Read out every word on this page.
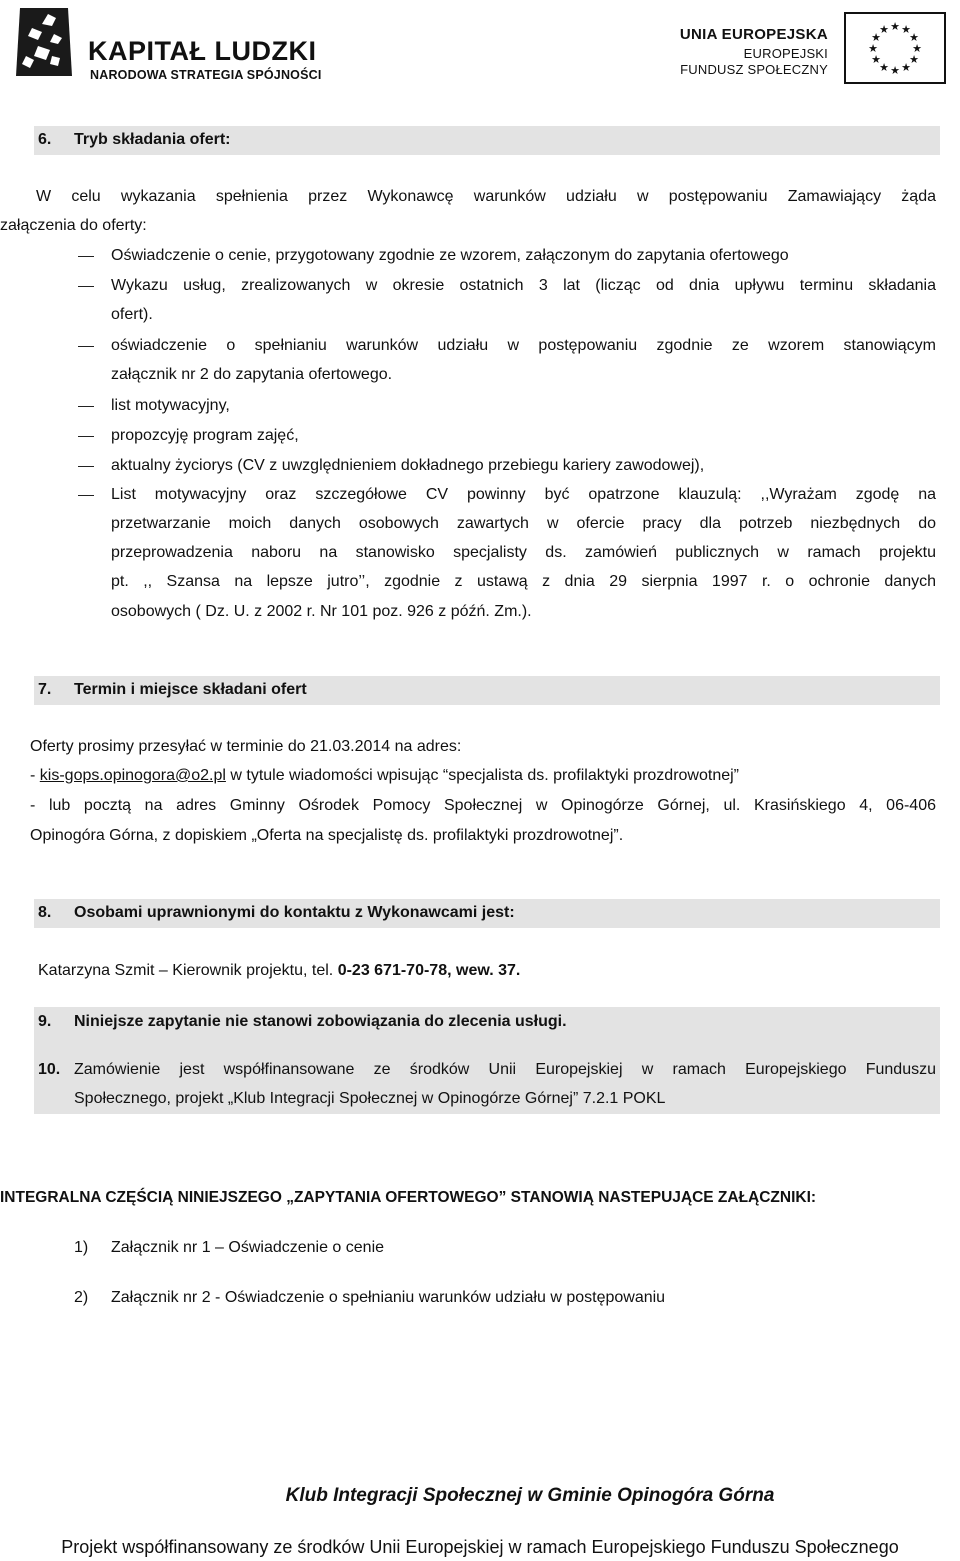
KAPITAŁ LUDZKI
NARODOWA STRATEGIA SPÓJNOŚCI
UNIA EUROPEJSKA
EUROPEJSKI
FUNDUSZ SPOŁECZNY
★ ★
★
★
★
★
★
★
★
★
★
★
6. Tryb składania ofert:
W celu wykazania spełnienia przez Wykonawcę warunków udziału w postępowaniu Zamawiający żąda
załączenia do oferty:
Oświadczenie o cenie, przygotowany zgodnie ze wzorem, załączonym do zapytania ofertowego
Wykazu usług, zrealizowanych w okresie ostatnich 3 lat (licząc od dnia upływu terminu składania
ofert).
oświadczenie o spełnianiu warunków udziału w postępowaniu zgodnie ze wzorem stanowiącym
załącznik nr 2 do zapytania ofertowego.
list motywacyjny,
propozcyję program zajęć,
aktualny życiorys (CV z uwzględnieniem dokładnego przebiegu kariery zawodowej),
List motywacyjny oraz szczegółowe CV powinny być opatrzone klauzulą: ,,Wyrażam zgodę na
przetwarzanie moich danych osobowych zawartych w ofercie pracy dla potrzeb niezbędnych do
przeprowadzenia naboru na stanowisko specjalisty ds. zamówień publicznych w ramach projektu
pt. ,, Szansa na lepsze jutro’’, zgodnie z ustawą z dnia 29 sierpnia 1997 r. o ochronie danych
osobowych ( Dz. U. z 2002 r. Nr 101 poz. 926 z późń. Zm.).
7. Termin i miejsce składani ofert
Oferty prosimy przesyłać w terminie do 21.03.2014 na adres:
- kis-gops.opinogora@o2.pl w tytule wiadomości wpisując “specjalista ds. profilaktyki prozdrowotnej”
- lub pocztą na adres Gminny Ośrodek Pomocy Społecznej w Opinogórze Górnej, ul. Krasińskiego 4, 06-406
Opinogóra Górna, z dopiskiem „Oferta na specjalistę ds. profilaktyki prozdrowotnej”.
8. Osobami uprawnionymi do kontaktu z Wykonawcami jest:
Katarzyna Szmit – Kierownik projektu, tel. 0-23 671-70-78, wew. 37.
9. Niniejsze zapytanie nie stanowi zobowiązania do zlecenia usługi.
10. Zamówienie jest współfinansowane ze środków Unii Europejskiej w ramach Europejskiego Funduszu
Społecznego, projekt „Klub Integracji Społecznej w Opinogórze Górnej” 7.2.1 POKL
INTEGRALNA CZĘŚCIĄ NINIEJSZEGO „ZAPYTANIA OFERTOWEGO” STANOWIĄ NASTEPUJĄCE ZAŁĄCZNIKI:
1) Załącznik nr 1 – Oświadczenie o cenie
2) Załącznik nr 2 - Oświadczenie o spełnianiu warunków udziału w postępowaniu
Klub Integracji Społecznej w Gminie Opinogóra Górna
Projekt współfinansowany ze środków Unii Europejskiej w ramach Europejskiego Funduszu Społecznego
